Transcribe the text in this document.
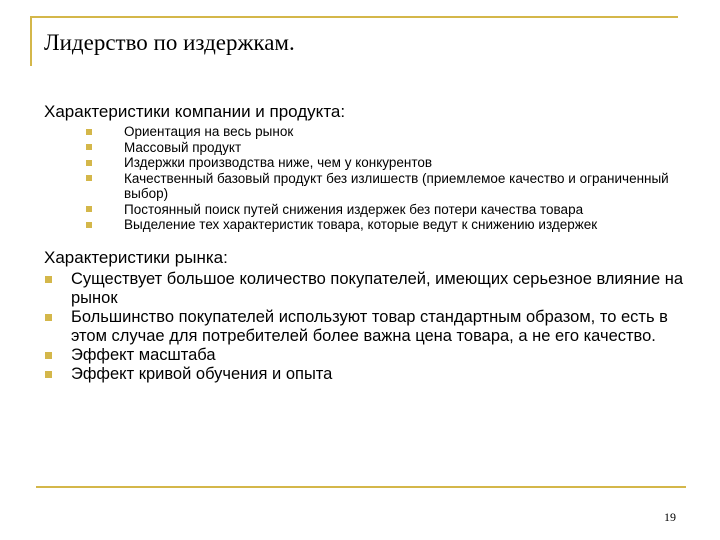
Лидерство по издержкам.

Характеристики компании и продукта:

Ориентация на весь рынок
Массовый продукт
Издержки производства ниже, чем у конкурентов
Качественный базовый продукт без излишеств (приемлемое качество и ограниченный выбор)
Постоянный поиск путей снижения издержек без потери качества товара
Выделение тех характеристик товара, которые ведут к снижению издержек

Характеристики рынка:

Существует большое количество покупателей, имеющих серьезное влияние на рынок
Большинство покупателей используют товар стандартным образом, то есть в этом случае для потребителей более важна цена товара, а не его качество.
Эффект масштаба
Эффект кривой обучения и опыта
19
